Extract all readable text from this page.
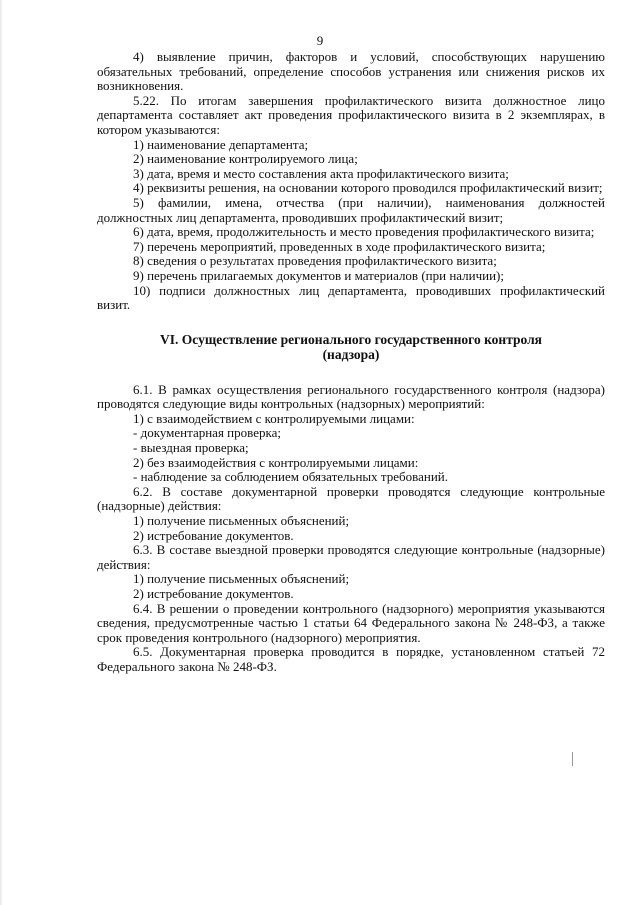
9

4) выявление причин, факторов и условий, способствующих нарушению обязательных требований, определение способов устранения или снижения рисков их возникновения.

5.22. По итогам завершения профилактического визита должностное лицо департамента составляет акт проведения профилактического визита в 2 экземплярах, в котором указываются:

1) наименование департамента;

2) наименование контролируемого лица;

3) дата, время и место составления акта профилактического визита;

4) реквизиты решения, на основании которого проводился профилактический визит;

5) фамилии, имена, отчества (при наличии), наименования должностей должностных лиц департамента, проводивших профилактический визит;

6) дата, время, продолжительность и место проведения профилактического визита;

7) перечень мероприятий, проведенных в ходе профилактического визита;

8) сведения о результатах проведения профилактического визита;

9) перечень прилагаемых документов и материалов (при наличии);

10) подписи должностных лиц департамента, проводивших профилактический визит.

VI. Осуществление регионального государственного контроля
(надзора)

6.1. В рамках осуществления регионального государственного контроля (надзора) проводятся следующие виды контрольных (надзорных) мероприятий:

1) с взаимодействием с контролируемыми лицами:

- документарная проверка;

- выездная проверка;

2) без взаимодействия с контролируемыми лицами:

- наблюдение за соблюдением обязательных требований.

6.2. В составе документарной проверки проводятся следующие контрольные (надзорные) действия:

1) получение письменных объяснений;

2) истребование документов.

6.3. В составе выездной проверки проводятся следующие контрольные (надзорные) действия:

1) получение письменных объяснений;

2) истребование документов.

6.4. В решении о проведении контрольного (надзорного) мероприятия указываются сведения, предусмотренные частью 1 статьи 64 Федерального закона № 248-ФЗ, а также срок проведения контрольного (надзорного) мероприятия.

6.5. Документарная проверка проводится в порядке, установленном статьей 72 Федерального закона № 248-ФЗ.
